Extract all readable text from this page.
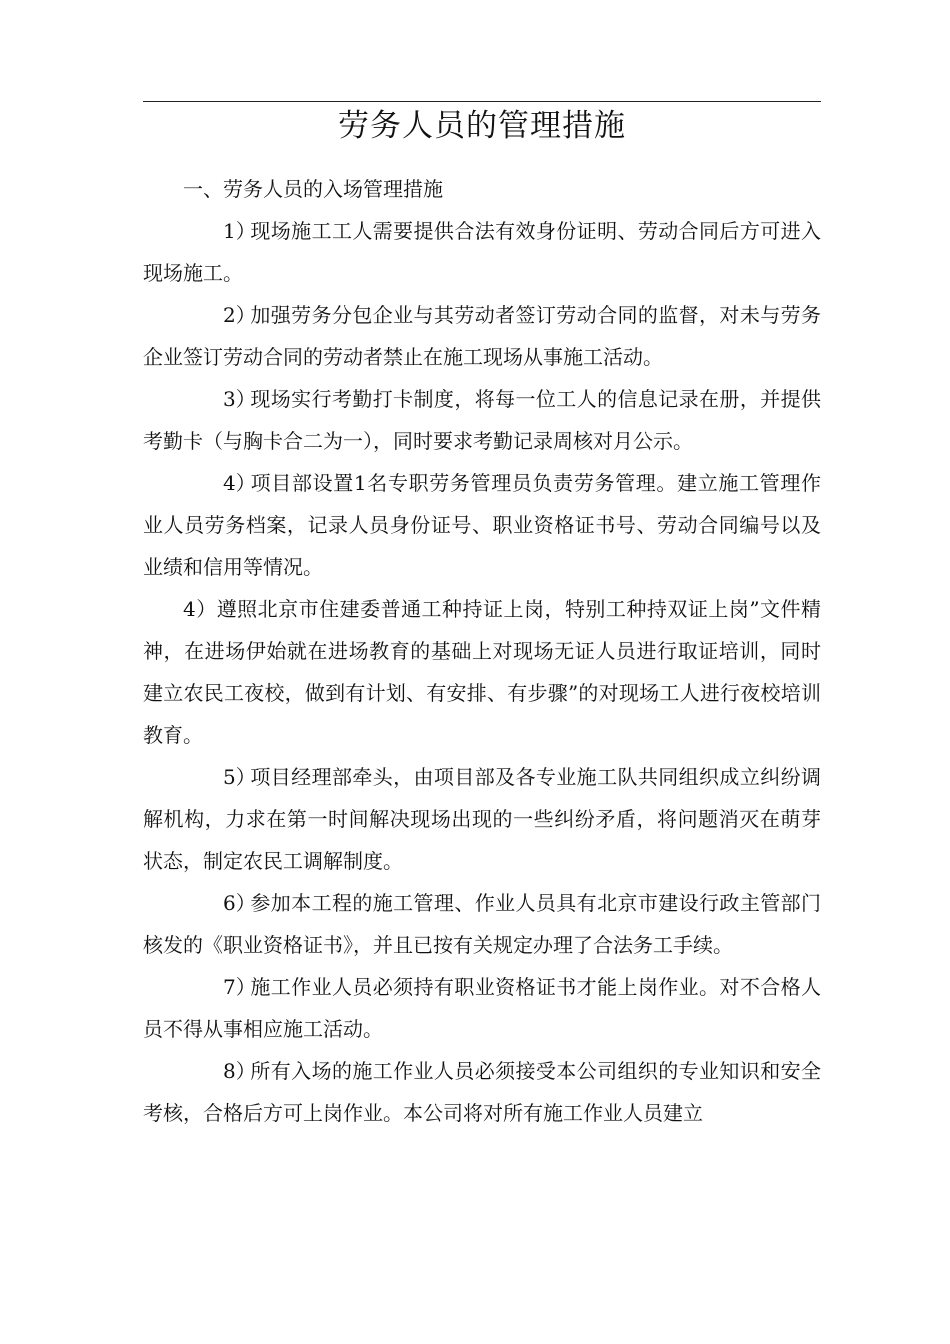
劳务人员的管理措施

一、劳务人员的入场管理措施

1）现场施工工人需要提供合法有效身份证明、劳动合同后方可进入现场施工。

2）加强劳务分包企业与其劳动者签订劳动合同的监督，对未与劳务企业签订劳动合同的劳动者禁止在施工现场从事施工活动。

3）现场实行考勤打卡制度，将每一位工人的信息记录在册，并提供考勤卡（与胸卡合二为一），同时要求考勤记录周核对月公示。

4）项目部设置1名专职劳务管理员负责劳务管理。建立施工管理作业人员劳务档案，记录人员身份证号、职业资格证书号、劳动合同编号以及业绩和信用等情况。

4）遵照北京市住建委普通工种持证上岗，特别工种持双证上岗”文件精神，在进场伊始就在进场教育的基础上对现场无证人员进行取证培训，同时建立农民工夜校，做到有计划、有安排、有步骤”的对现场工人进行夜校培训教育。

5）项目经理部牵头，由项目部及各专业施工队共同组织成立纠纷调解机构，力求在第一时间解决现场出现的一些纠纷矛盾，将问题消灭在萌芽状态，制定农民工调解制度。

6）参加本工程的施工管理、作业人员具有北京市建设行政主管部门核发的《职业资格证书》，并且已按有关规定办理了合法务工手续。

7）施工作业人员必须持有职业资格证书才能上岗作业。对不合格人员不得从事相应施工活动。

8）所有入场的施工作业人员必须接受本公司组织的专业知识和安全考核，合格后方可上岗作业。本公司将对所有施工作业人员建立
